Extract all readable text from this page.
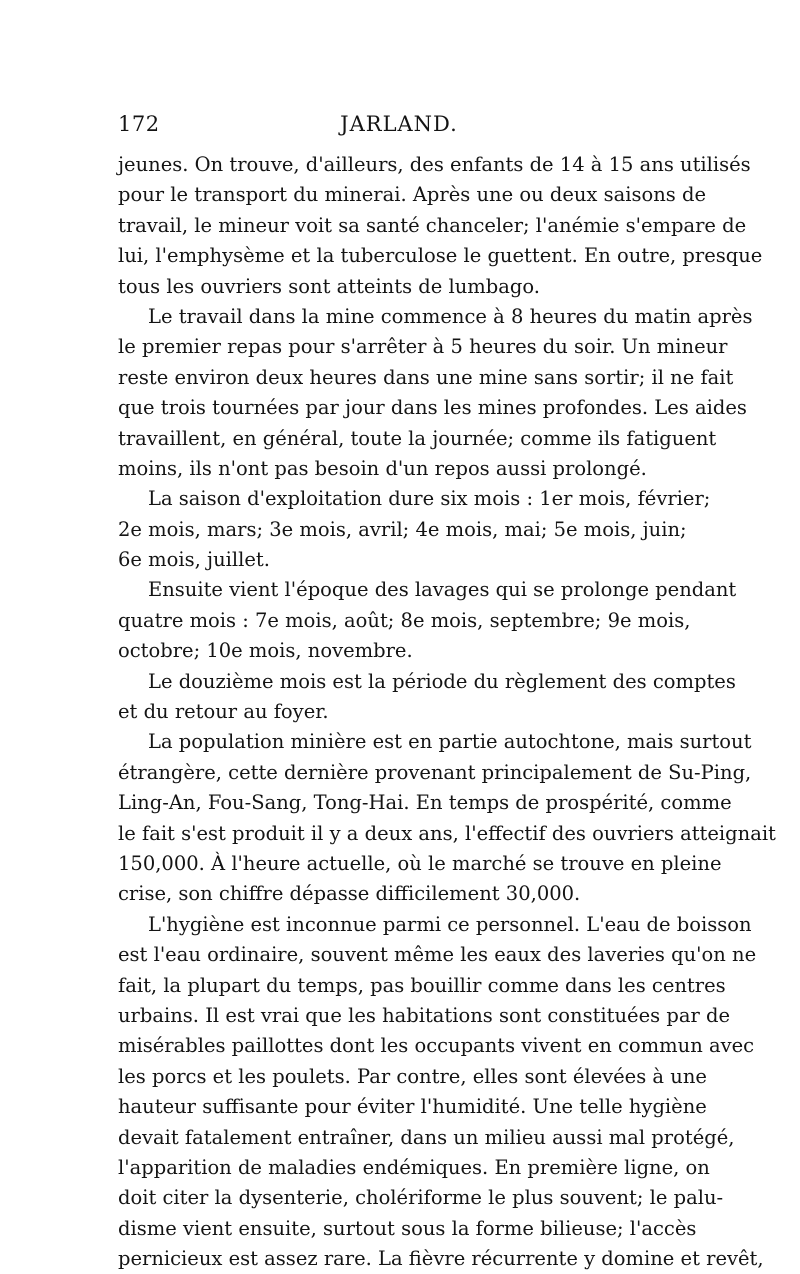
172	JARLAND.
jeunes. On trouve, d'ailleurs, des enfants de 14 à 15 ans utilisés
pour le transport du minerai. Après une ou deux saisons de
travail, le mineur voit sa santé chanceler; l'anémie s'empare de
lui, l'emphysème et la tuberculose le guettent. En outre, presque
tous les ouvriers sont atteints de lumbago.
Le travail dans la mine commence à 8 heures du matin après
le premier repas pour s'arrêter à 5 heures du soir. Un mineur
reste environ deux heures dans une mine sans sortir; il ne fait
que trois tournées par jour dans les mines profondes. Les aides
travaillent, en général, toute la journée; comme ils fatiguent
moins, ils n'ont pas besoin d'un repos aussi prolongé.
La saison d'exploitation dure six mois : 1er mois, février;
2e mois, mars; 3e mois, avril; 4e mois, mai; 5e mois, juin;
6e mois, juillet.
Ensuite vient l'époque des lavages qui se prolonge pendant
quatre mois : 7e mois, août; 8e mois, septembre; 9e mois,
octobre; 10e mois, novembre.
Le douzième mois est la période du règlement des comptes
et du retour au foyer.
La population minière est en partie autochtone, mais surtout
étrangère, cette dernière provenant principalement de Su-Ping,
Ling-An, Fou-Sang, Tong-Hai. En temps de prospérité, comme
le fait s'est produit il y a deux ans, l'effectif des ouvriers atteignait
150,000. À l'heure actuelle, où le marché se trouve en pleine
crise, son chiffre dépasse difficilement 30,000.
L'hygiène est inconnue parmi ce personnel. L'eau de boisson
est l'eau ordinaire, souvent même les eaux des laveries qu'on ne
fait, la plupart du temps, pas bouillir comme dans les centres
urbains. Il est vrai que les habitations sont constituées par de
misérables paillottes dont les occupants vivent en commun avec
les porcs et les poulets. Par contre, elles sont élevées à une
hauteur suffisante pour éviter l'humidité. Une telle hygiène
devait fatalement entraîner, dans un milieu aussi mal protégé,
l'apparition de maladies endémiques. En première ligne, on
doit citer la dysenterie, cholériforme le plus souvent; le palu-
disme vient ensuite, surtout sous la forme bilieuse; l'accès
pernicieux est assez rare. La fièvre récurrente y domine et revêt,
